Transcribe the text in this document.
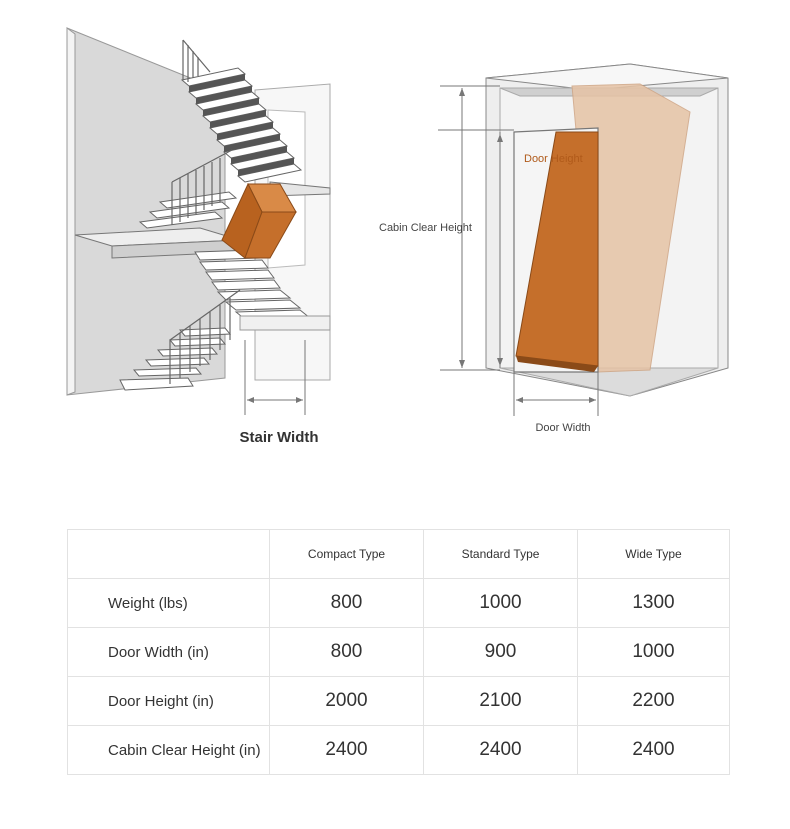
Stair Width
Door Height
Cabin Clear Height
Door Width
	Compact Type	Standard Type	Wide Type
Weight (lbs)	800	1000	1300
Door Width (in)	800	900	1000
Door Height (in)	2000	2100	2200
Cabin Clear Height (in)	2400	2400	2400
